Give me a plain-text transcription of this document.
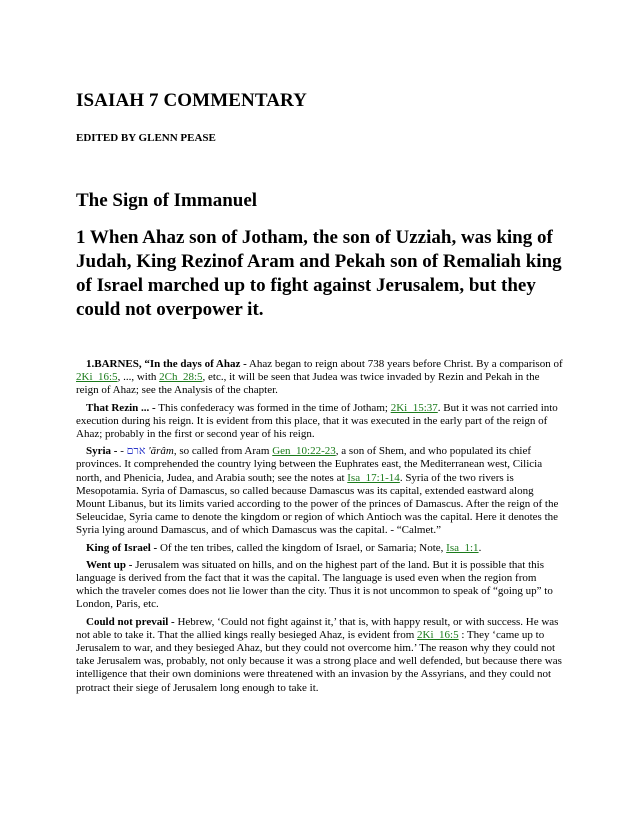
ISAIAH 7 COMMENTARY
EDITED BY GLENN PEASE
The Sign of Immanuel

1 When Ahaz son of Jotham, the son of Uzziah, was king of Judah, King Rezinof Aram and Pekah son of Remaliah king of Israel marched up to fight against Jerusalem, but they could not overpower it.

1.BARNES, “In the days of Ahaz - Ahaz began to reign about 738 years before Christ. By a comparison of 2Ki_16:5, ..., with 2Ch_28:5, etc., it will be seen that Judea was twice invaded by Rezin and Pekah in the reign of Ahaz; see the Analysis of the chapter.

That Rezin ... - This confederacy was formed in the time of Jotham; 2Ki_15:37. But it was not carried into execution during his reign. It is evident from this place, that it was executed in the early part of the reign of Ahaz; probably in the first or second year of his reign.

Syria - - ארם 'ărâm, so called from Aram Gen_10:22-23, a son of Shem, and who populated its chief provinces. It comprehended the country lying between the Euphrates east, the Mediterranean west, Cilicia north, and Phenicia, Judea, and Arabia south; see the notes at Isa_17:1-14. Syria of the two rivers is Mesopotamia. Syria of Damascus, so called because Damascus was its capital, extended eastward along Mount Libanus, but its limits varied according to the power of the princes of Damascus. After the reign of the Seleucidae, Syria came to denote the kingdom or region of which Antioch was the capital. Here it denotes the Syria lying around Damascus, and of which Damascus was the capital. - “Calmet.”

King of Israel - Of the ten tribes, called the kingdom of Israel, or Samaria; Note, Isa_1:1.

Went up - Jerusalem was situated on hills, and on the highest part of the land. But it is possible that this language is derived from the fact that it was the capital. The language is used even when the region from which the traveler comes does not lie lower than the city. Thus it is not uncommon to speak of “going up” to London, Paris, etc.

Could not prevail - Hebrew, ‘Could not fight against it,’ that is, with happy result, or with success. He was not able to take it. That the allied kings really besieged Ahaz, is evident from 2Ki_16:5 : They ‘came up to Jerusalem to war, and they besieged Ahaz, but they could not overcome him.’ The reason why they could not take Jerusalem was, probably, not only because it was a strong place and well defended, but because there was intelligence that their own dominions were threatened with an invasion by the Assyrians, and they could not protract their siege of Jerusalem long enough to take it.
